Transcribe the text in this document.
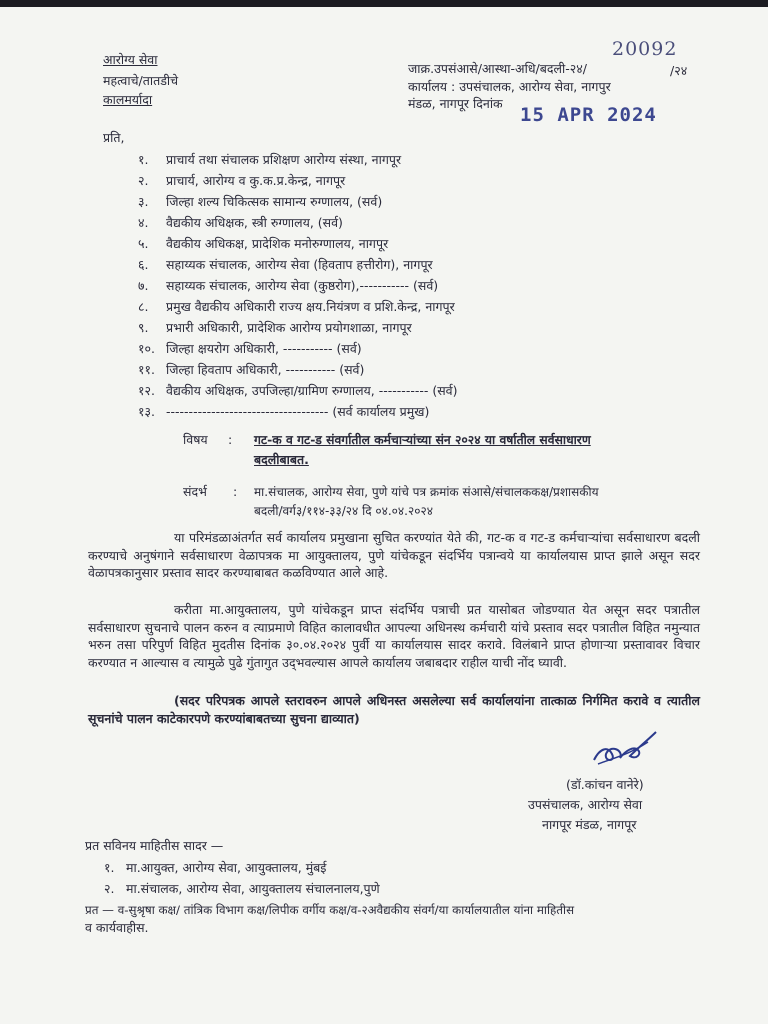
आरोग्य सेवा
महत्वाचे/तातडीचे
कालमर्यादा
20092
जाक्र.उपसंआसे/आस्था-अधि/बदली-२४/	/२४
कार्यालय : उपसंचालक, आरोग्य सेवा, नागपुर
मंडळ, नागपूर दिनांक
15 APR 2024
प्रति,
१. प्राचार्य तथा संचालक प्रशिक्षण आरोग्य संस्था, नागपूर
२. प्राचार्य, आरोग्य व कु.क.प्र.केन्द्र, नागपूर
३. जिल्हा शल्य चिकित्सक सामान्य रुग्णालय, (सर्व)
४. वैद्यकीय अधिक्षक, स्त्री रुग्णालय, (सर्व)
५. वैद्यकीय अधिकक्ष, प्रादेशिक मनोरुग्णालय, नागपूर
६. सहाय्यक संचालक, आरोग्य सेवा (हिवताप हत्तीरोग), नागपूर
७. सहाय्यक संचालक, आरोग्य सेवा (कुष्ठरोग),----------- (सर्व)
८. प्रमुख वैद्यकीय अधिकारी राज्य क्षय.नियंत्रण व प्रशि.केन्द्र, नागपूर
९. प्रभारी अधिकारी, प्रादेशिक आरोग्य प्रयोगशाळा, नागपूर
१०. जिल्हा क्षयरोग अधिकारी, ----------- (सर्व)
११. जिल्हा हिवताप अधिकारी, ----------- (सर्व)
१२. वैद्यकीय अधिक्षक, उपजिल्हा/ग्रामिण रुग्णालय, ----------- (सर्व)
१३. ------------------------------------ (सर्व कार्यालय प्रमुख)
विषय : गट-क व गट-ड संवर्गातील कर्मचाऱ्यांच्या संन २०२४ या वर्षातील सर्वसाधारण
बदलीबाबत.
संदर्भ : मा.संचालक, आरोग्य सेवा, पुणे यांचे पत्र क्रमांक संआसे/संचालककक्ष/प्रशासकीय
बदली/वर्ग३/११४-३३/२४ दि ०४.०४.२०२४
या परिमंडळाअंतर्गत सर्व कार्यालय प्रमुखाना सुचित करण्यांत येते की, गट-क व गट-ड कर्मचाऱ्यांचा सर्वसाधारण बदली करण्याचे अनुषंगाने सर्वसाधारण वेळापत्रक मा आयुक्तालय, पुणे यांचेकडून संदर्भिय पत्रान्वये या कार्यालयास प्राप्त झाले असून सदर वेळापत्रकानुसार प्रस्ताव सादर करण्याबाबत कळविण्यात आले आहे.
करीता मा.आयुक्तालय, पुणे यांचेकडून प्राप्त संदर्भिय पत्राची प्रत यासोबत जोडण्यात येत असून सदर पत्रातील सर्वसाधारण सुचनाचे पालन करुन व त्याप्रमाणे विहित कालावधीत आपल्या अधिनस्थ कर्मचारी यांचे प्रस्ताव सदर पत्रातील विहित नमुन्यात भरुन तसा परिपुर्ण विहित मुदतीस दिनांक ३०.०४.२०२४ पुर्वी या कार्यालयास सादर करावे. विलंबाने प्राप्त होणाऱ्या प्रस्तावावर विचार करण्यात न आल्यास व त्यामुळे पुढे गुंतागुत उद्‌भवल्यास आपले कार्यालय जबाबदार राहील याची नोंद घ्यावी.
(सदर परिपत्रक आपले स्तरावरुन आपले अधिनस्त असलेल्या सर्व कार्यालयांना तात्काळ निर्गमित करावे व त्यातील सूचनांचे पालन काटेकारपणे करण्यांबाबतच्या सुचना द्याव्यात)
(डॉ.कांचन वानेरे)
उपसंचालक, आरोग्य सेवा
नागपूर मंडळ, नागपूर
प्रत सविनय माहितीस सादर —
१. मा.आयुक्त, आरोग्य सेवा, आयुक्तालय, मुंबई
२. मा.संचालक, आरोग्य सेवा, आयुक्तालय संचालनालय,पुणे
प्रत — व-सुश्रृषा कक्ष/ तांत्रिक विभाग कक्ष/लिपीक वर्गीय कक्ष/व-२अवैद्यकीय संवर्ग/या कार्यालयातील यांना माहितीस
व कार्यवाहीस.
